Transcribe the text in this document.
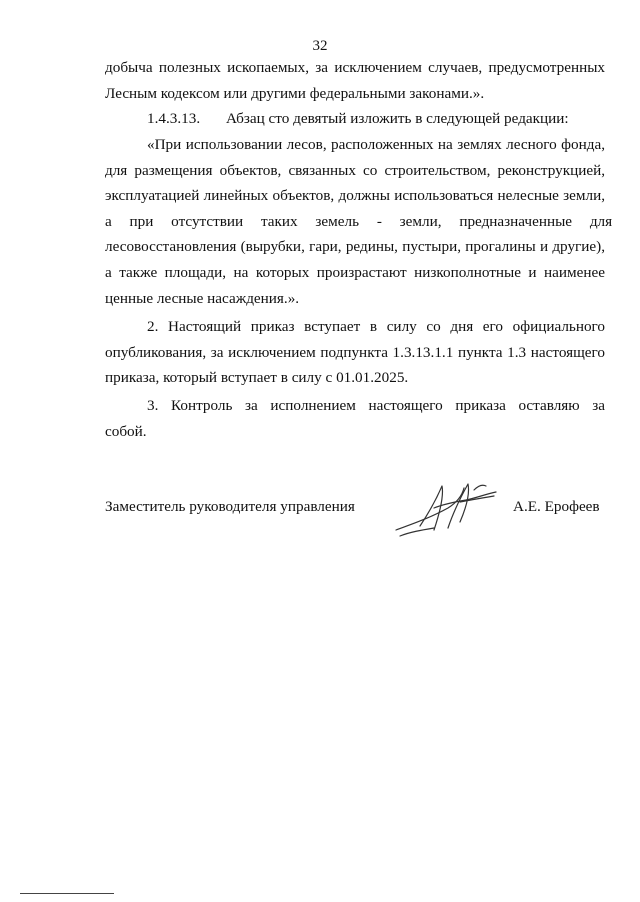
32
добыча полезных ископаемых, за исключением случаев, предусмотренных
Лесным кодексом или другими федеральными законами.».
1.4.3.13. Абзац сто девятый изложить в следующей редакции:
«При использовании лесов, расположенных на землях лесного фонда,
для размещения объектов, связанных со строительством, реконструкцией,
эксплуатацией линейных объектов, должны использоваться нелесные земли,
а при отсутствии таких земель - земли, предназначенные для
лесовосстановления (вырубки, гари, редины, пустыри, прогалины и другие),
а также площади, на которых произрастают низкополнотные и наименее
ценные лесные насаждения.».
2. Настоящий приказ вступает в силу со дня его официального
опубликования, за исключением подпункта 1.3.13.1.1 пункта 1.3 настоящего
приказа, который вступает в силу с 01.01.2025.
3. Контроль за исполнением настоящего приказа оставляю за
собой.
Заместитель руководителя управления	А.Е. Ерофеев
